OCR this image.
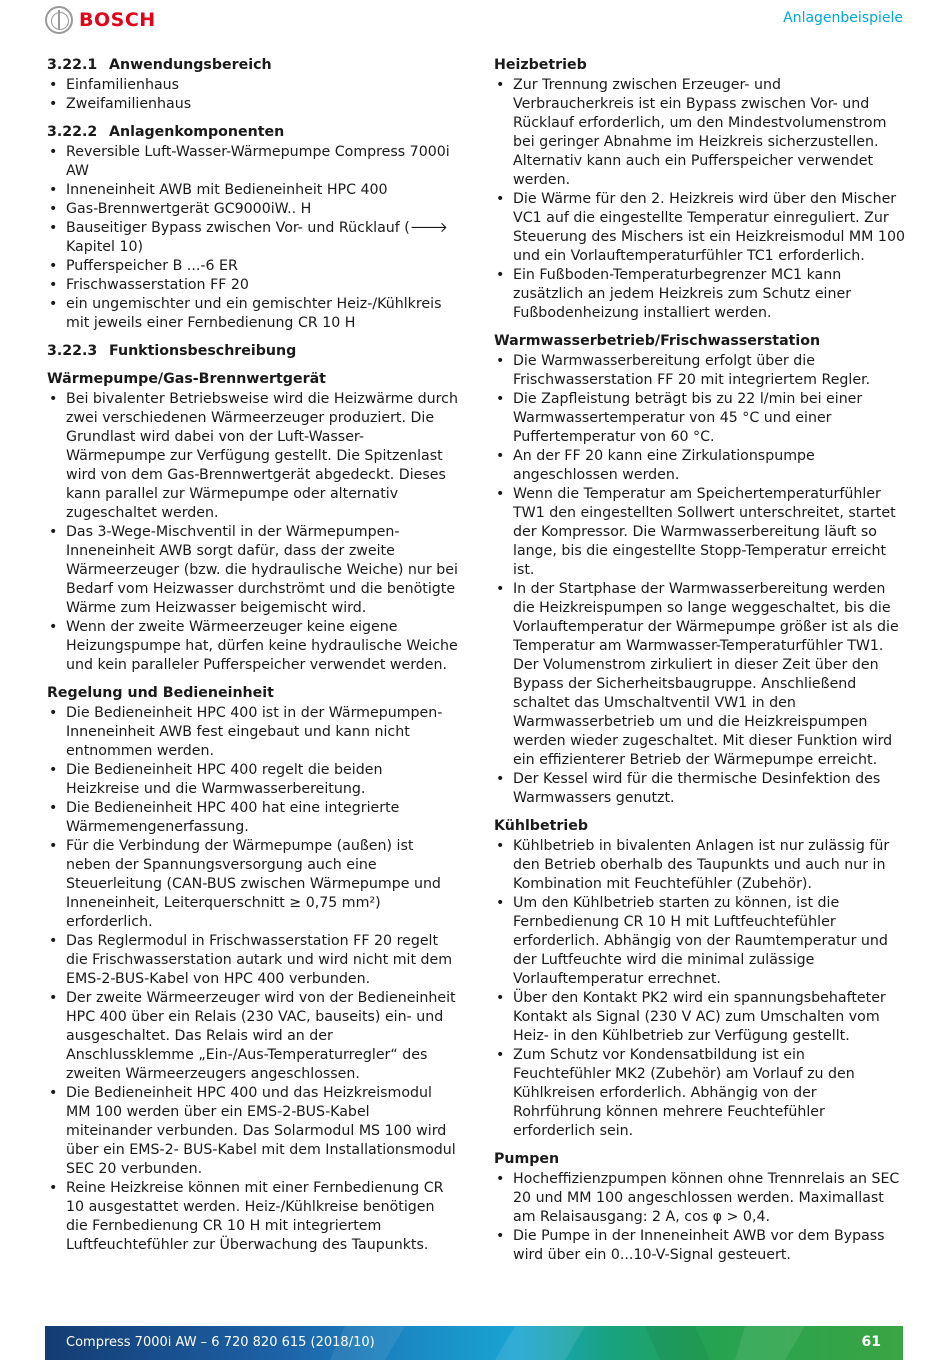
BOSCH	Anlagenbeispiele
3.22.1 Anwendungsbereich
• Einfamilienhaus
• Zweifamilienhaus
3.22.2 Anlagenkomponenten
• Reversible Luft-Wasser-Wärmepumpe Compress 7000i AW
• Inneneinheit AWB mit Bedieneinheit HPC 400
• Gas-Brennwertgerät GC9000iW.. H
• Bauseitiger Bypass zwischen Vor- und Rücklauf (🡒 Kapitel 10)
• Pufferspeicher B ...-6 ER
• Frischwasserstation FF 20
• ein ungemischter und ein gemischter Heiz-/Kühlkreis mit jeweils einer Fernbedienung CR 10 H
3.22.3 Funktionsbeschreibung
Wärmepumpe/Gas-Brennwertgerät
• Bei bivalenter Betriebsweise wird die Heizwärme durch zwei verschiedenen Wärmeerzeuger produziert. Die Grundlast wird dabei von der Luft-Wasser-Wärmepumpe zur Verfügung gestellt. Die Spitzenlast wird von dem Gas-Brennwertgerät abgedeckt. Dieses kann parallel zur Wärmepumpe oder alternativ zugeschaltet werden.
• Das 3-Wege-Mischventil in der Wärmepumpen-Inneneinheit AWB sorgt dafür, dass der zweite Wärmeerzeuger (bzw. die hydraulische Weiche) nur bei Bedarf vom Heizwasser durchströmt und die benötigte Wärme zum Heizwasser beigemischt wird.
• Wenn der zweite Wärmeerzeuger keine eigene Heizungspumpe hat, dürfen keine hydraulische Weiche und kein paralleler Pufferspeicher verwendet werden.
Regelung und Bedieneinheit
• Die Bedieneinheit HPC 400 ist in der Wärmepumpen-Inneneinheit AWB fest eingebaut und kann nicht entnommen werden.
• Die Bedieneinheit HPC 400 regelt die beiden Heizkreise und die Warmwasserbereitung.
• Die Bedieneinheit HPC 400 hat eine integrierte Wärmemengenerfassung.
• Für die Verbindung der Wärmepumpe (außen) ist neben der Spannungsversorgung auch eine Steuerleitung (CAN-BUS zwischen Wärmepumpe und Inneneinheit, Leiterquerschnitt ≥ 0,75 mm²) erforderlich.
• Das Reglermodul in Frischwasserstation FF 20 regelt die Frischwasserstation autark und wird nicht mit dem EMS-2-BUS-Kabel von HPC 400 verbunden.
• Der zweite Wärmeerzeuger wird von der Bedieneinheit HPC 400 über ein Relais (230 VAC, bauseits) ein- und ausgeschaltet. Das Relais wird an der Anschlussklemme „Ein-/Aus-Temperaturregler“ des zweiten Wärmeerzeugers angeschlossen.
• Die Bedieneinheit HPC 400 und das Heizkreismodul MM 100 werden über ein EMS-2-BUS-Kabel miteinander verbunden. Das Solarmodul MS 100 wird über ein EMS-2- BUS-Kabel mit dem Installationsmodul SEC 20 verbunden.
• Reine Heizkreise können mit einer Fernbedienung CR 10 ausgestattet werden. Heiz-/Kühlkreise benötigen die Fernbedienung CR 10 H mit integriertem Luftfeuchtefühler zur Überwachung des Taupunkts.
Heizbetrieb
• Zur Trennung zwischen Erzeuger- und Verbraucherkreis ist ein Bypass zwischen Vor- und Rücklauf erforderlich, um den Mindestvolumenstrom bei geringer Abnahme im Heizkreis sicherzustellen. Alternativ kann auch ein Pufferspeicher verwendet werden.
• Die Wärme für den 2. Heizkreis wird über den Mischer VC1 auf die eingestellte Temperatur einreguliert. Zur Steuerung des Mischers ist ein Heizkreismodul MM 100 und ein Vorlauftemperaturfühler TC1 erforderlich.
• Ein Fußboden-Temperaturbegrenzer MC1 kann zusätzlich an jedem Heizkreis zum Schutz einer Fußbodenheizung installiert werden.
Warmwasserbetrieb/Frischwasserstation
• Die Warmwasserbereitung erfolgt über die Frischwasserstation FF 20 mit integriertem Regler.
• Die Zapfleistung beträgt bis zu 22 l/min bei einer Warmwassertemperatur von 45 °C und einer Puffertemperatur von 60 °C.
• An der FF 20 kann eine Zirkulationspumpe angeschlossen werden.
• Wenn die Temperatur am Speichertemperaturfühler TW1 den eingestellten Sollwert unterschreitet, startet der Kompressor. Die Warmwasserbereitung läuft so lange, bis die eingestellte Stopp-Temperatur erreicht ist.
• In der Startphase der Warmwasserbereitung werden die Heizkreispumpen so lange weggeschaltet, bis die Vorlauftemperatur der Wärmepumpe größer ist als die Temperatur am Warmwasser-Temperaturfühler TW1. Der Volumenstrom zirkuliert in dieser Zeit über den Bypass der Sicherheitsbaugruppe. Anschließend schaltet das Umschaltventil VW1 in den Warmwasserbetrieb um und die Heizkreispumpen werden wieder zugeschaltet. Mit dieser Funktion wird ein effizienterer Betrieb der Wärmepumpe erreicht.
• Der Kessel wird für die thermische Desinfektion des Warmwassers genutzt.
Kühlbetrieb
• Kühlbetrieb in bivalenten Anlagen ist nur zulässig für den Betrieb oberhalb des Taupunkts und auch nur in Kombination mit Feuchtefühler (Zubehör).
• Um den Kühlbetrieb starten zu können, ist die Fernbedienung CR 10 H mit Luftfeuchtefühler erforderlich. Abhängig von der Raumtemperatur und der Luftfeuchte wird die minimal zulässige Vorlauftemperatur errechnet.
• Über den Kontakt PK2 wird ein spannungsbehafteter Kontakt als Signal (230 V AC) zum Umschalten vom Heiz- in den Kühlbetrieb zur Verfügung gestellt.
• Zum Schutz vor Kondensatbildung ist ein Feuchtefühler MK2 (Zubehör) am Vorlauf zu den Kühlkreisen erforderlich. Abhängig von der Rohrführung können mehrere Feuchtefühler erforderlich sein.
Pumpen
• Hocheffizienzpumpen können ohne Trennrelais an SEC 20 und MM 100 angeschlossen werden. Maximallast am Relaisausgang: 2 A, cos φ > 0,4.
• Die Pumpe in der Inneneinheit AWB vor dem Bypass wird über ein 0...10-V-Signal gesteuert.
Compress 7000i AW – 6 720 820 615 (2018/10)	61
